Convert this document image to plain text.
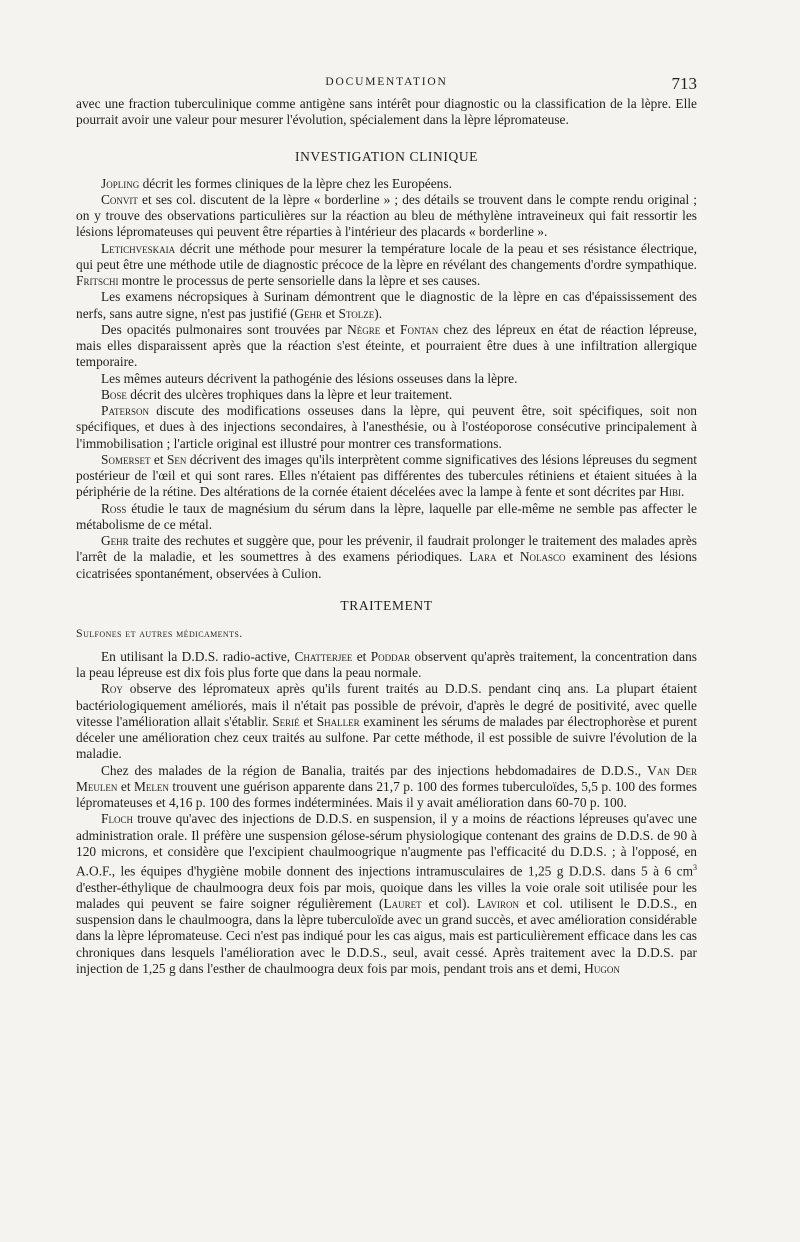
DOCUMENTATION	713

avec une fraction tuberculinique comme antigène sans intérêt pour diagnostic ou la classification de la lèpre. Elle pourrait avoir une valeur pour mesurer l'évolution, spécialement dans la lèpre lépromateuse.

INVESTIGATION CLINIQUE

Jopling décrit les formes cliniques de la lèpre chez les Européens.

Convit et ses col. discutent de la lèpre « borderline » ; des détails se trouvent dans le compte rendu original ; on y trouve des observations particulières sur la réaction au bleu de méthylène intraveineux qui fait ressortir les lésions lépromateuses qui peuvent être réparties à l'intérieur des placards « borderline ».

Letichveskaia décrit une méthode pour mesurer la température locale de la peau et ses résistance électrique, qui peut être une méthode utile de diagnostic précoce de la lèpre en révélant des changements d'ordre sympathique. Fritschi montre le processus de perte sensorielle dans la lèpre et ses causes.

Les examens nécropsiques à Surinam démontrent que le diagnostic de la lèpre en cas d'épaississement des nerfs, sans autre signe, n'est pas justifié (Gehr et Stolze).

Des opacités pulmonaires sont trouvées par Nègre et Fontan chez des lépreux en état de réaction lépreuse, mais elles disparaissent après que la réaction s'est éteinte, et pourraient être dues à une infiltration allergique temporaire.

Les mêmes auteurs décrivent la pathogénie des lésions osseuses dans la lèpre.

Bose décrit des ulcères trophiques dans la lèpre et leur traitement.

Paterson discute des modifications osseuses dans la lèpre, qui peuvent être, soit spécifiques, soit non spécifiques, et dues à des injections secondaires, à l'anesthésie, ou à l'ostéoporose consécutive principalement à l'immobilisation ; l'article original est illustré pour montrer ces transformations.

Somerset et Sen décrivent des images qu'ils interprètent comme significatives des lésions lépreuses du segment postérieur de l'œil et qui sont rares. Elles n'étaient pas différentes des tubercules rétiniens et étaient situées à la périphérie de la rétine. Des altérations de la cornée étaient décelées avec la lampe à fente et sont décrites par Hibi.

Ross étudie le taux de magnésium du sérum dans la lèpre, laquelle par elle-même ne semble pas affecter le métabolisme de ce métal.

Gehr traite des rechutes et suggère que, pour les prévenir, il faudrait prolonger le traitement des malades après l'arrêt de la maladie, et les soumettres à des examens périodiques. Lara et Nolasco examinent des lésions cicatrisées spontanément, observées à Culion.

TRAITEMENT
Sulfones et autres médicaments.

En utilisant la D.D.S. radio-active, Chatterjee et Poddar observent qu'après traitement, la concentration dans la peau lépreuse est dix fois plus forte que dans la peau normale.

Roy observe des lépromateux après qu'ils furent traités au D.D.S. pendant cinq ans. La plupart étaient bactériologiquement améliorés, mais il n'était pas possible de prévoir, d'après le degré de positivité, avec quelle vitesse l'amélioration allait s'établir. Serié et Shaller examinent les sérums de malades par électrophorèse et purent déceler une amélioration chez ceux traités au sulfone. Par cette méthode, il est possible de suivre l'évolution de la maladie.

Chez des malades de la région de Banalia, traités par des injections hebdomadaires de D.D.S., Van Der Meulen et Melen trouvent une guérison apparente dans 21,7 p. 100 des formes tuberculoïdes, 5,5 p. 100 des formes lépromateuses et 4,16 p. 100 des formes indéterminées. Mais il y avait amélioration dans 60-70 p. 100.

Floch trouve qu'avec des injections de D.D.S. en suspension, il y a moins de réactions lépreuses qu'avec une administration orale. Il préfère une suspension gélose-sérum physiologique contenant des grains de D.D.S. de 90 à 120 microns, et considère que l'excipient chaulmoogrique n'augmente pas l'efficacité du D.D.S. ; à l'opposé, en A.O.F., les équipes d'hygiène mobile donnent des injections intramusculaires de 1,25 g D.D.S. dans 5 à 6 $cm^3$ d'esther-éthylique de chaulmoogra deux fois par mois, quoique dans les villes la voie orale soit utilisée pour les malades qui peuvent se faire soigner régulièrement (Lauret et col). Laviron et col. utilisent le D.D.S., en suspension dans le chaulmoogra, dans la lèpre tuberculoïde avec un grand succès, et avec amélioration considérable dans la lèpre lépromateuse. Ceci n'est pas indiqué pour les cas aigus, mais est particulièrement efficace dans les cas chroniques dans lesquels l'amélioration avec le D.D.S., seul, avait cessé. Après traitement avec la D.D.S. par injection de 1,25 g dans l'esther de chaulmoogra deux fois par mois, pendant trois ans et demi, Hugon
